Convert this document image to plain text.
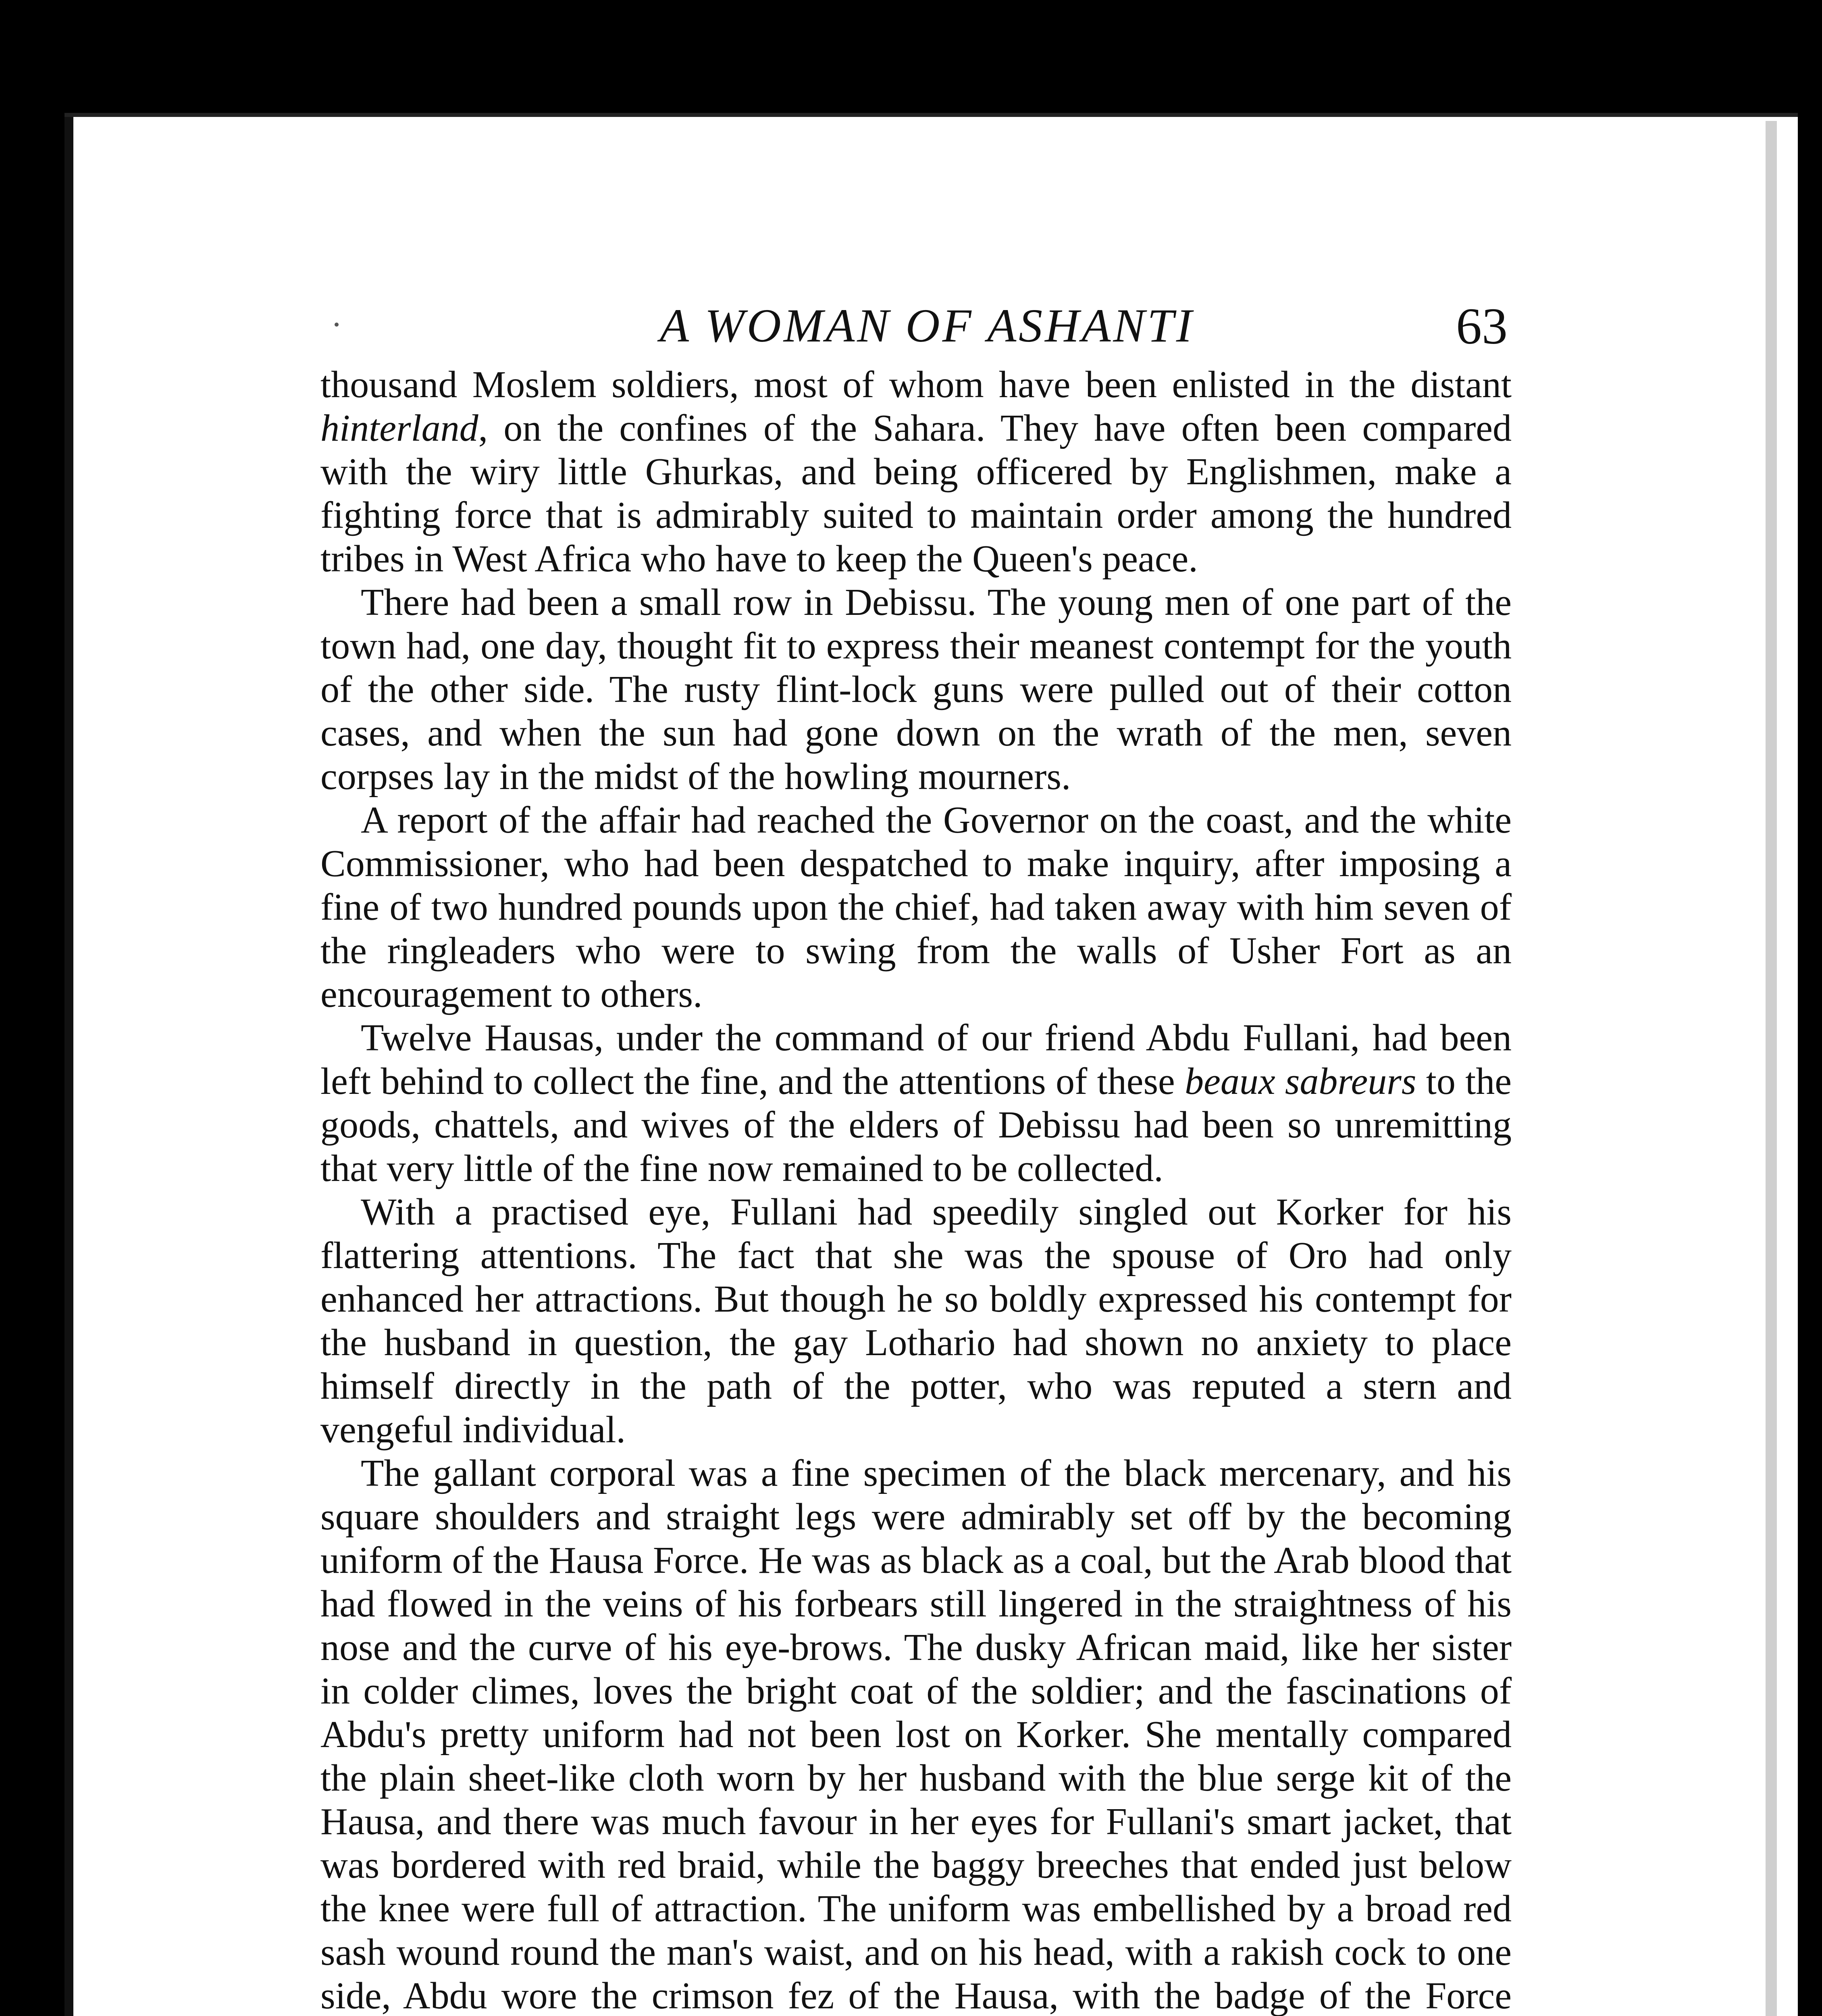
A WOMAN OF ASHANTI	63

thousand Moslem soldiers, most of whom have been enlisted in the distant hinterland, on the confines of the Sahara. They have often been compared with the wiry little Ghurkas, and being officered by Englishmen, make a fighting force that is admirably suited to maintain order among the hundred tribes in West Africa who have to keep the Queen's peace.

There had been a small row in Debissu. The young men of one part of the town had, one day, thought fit to express their meanest contempt for the youth of the other side. The rusty flint-lock guns were pulled out of their cotton cases, and when the sun had gone down on the wrath of the men, seven corpses lay in the midst of the howling mourners.

A report of the affair had reached the Governor on the coast, and the white Commissioner, who had been despatched to make inquiry, after imposing a fine of two hundred pounds upon the chief, had taken away with him seven of the ringleaders who were to swing from the walls of Usher Fort as an encouragement to others.

Twelve Hausas, under the command of our friend Abdu Fullani, had been left behind to collect the fine, and the attentions of these beaux sabreurs to the goods, chattels, and wives of the elders of Debissu had been so unremitting that very little of the fine now remained to be collected.

With a practised eye, Fullani had speedily singled out Korker for his flattering attentions. The fact that she was the spouse of Oro had only enhanced her attractions. But though he so boldly expressed his contempt for the husband in question, the gay Lothario had shown no anxiety to place himself directly in the path of the potter, who was reputed a stern and vengeful individual.

The gallant corporal was a fine specimen of the black mercenary, and his square shoulders and straight legs were admirably set off by the becoming uniform of the Hausa Force. He was as black as a coal, but the Arab blood that had flowed in the veins of his forbears still lingered in the straightness of his nose and the curve of his eye-brows. The dusky African maid, like her sister in colder climes, loves the bright coat of the soldier; and the fascinations of Abdu's pretty uniform had not been lost on Korker. She mentally compared the plain sheet-like cloth worn by her husband with the blue serge kit of the Hausa, and there was much favour in her eyes for Fullani's smart jacket, that was bordered with red braid, while the baggy breeches that ended just below the knee were full of attraction. The uniform was embellished by a broad red sash wound round the man's waist, and on his head, with a rakish cock to one side, Abdu wore the crimson fez of the Hausa, with the badge of the Force
